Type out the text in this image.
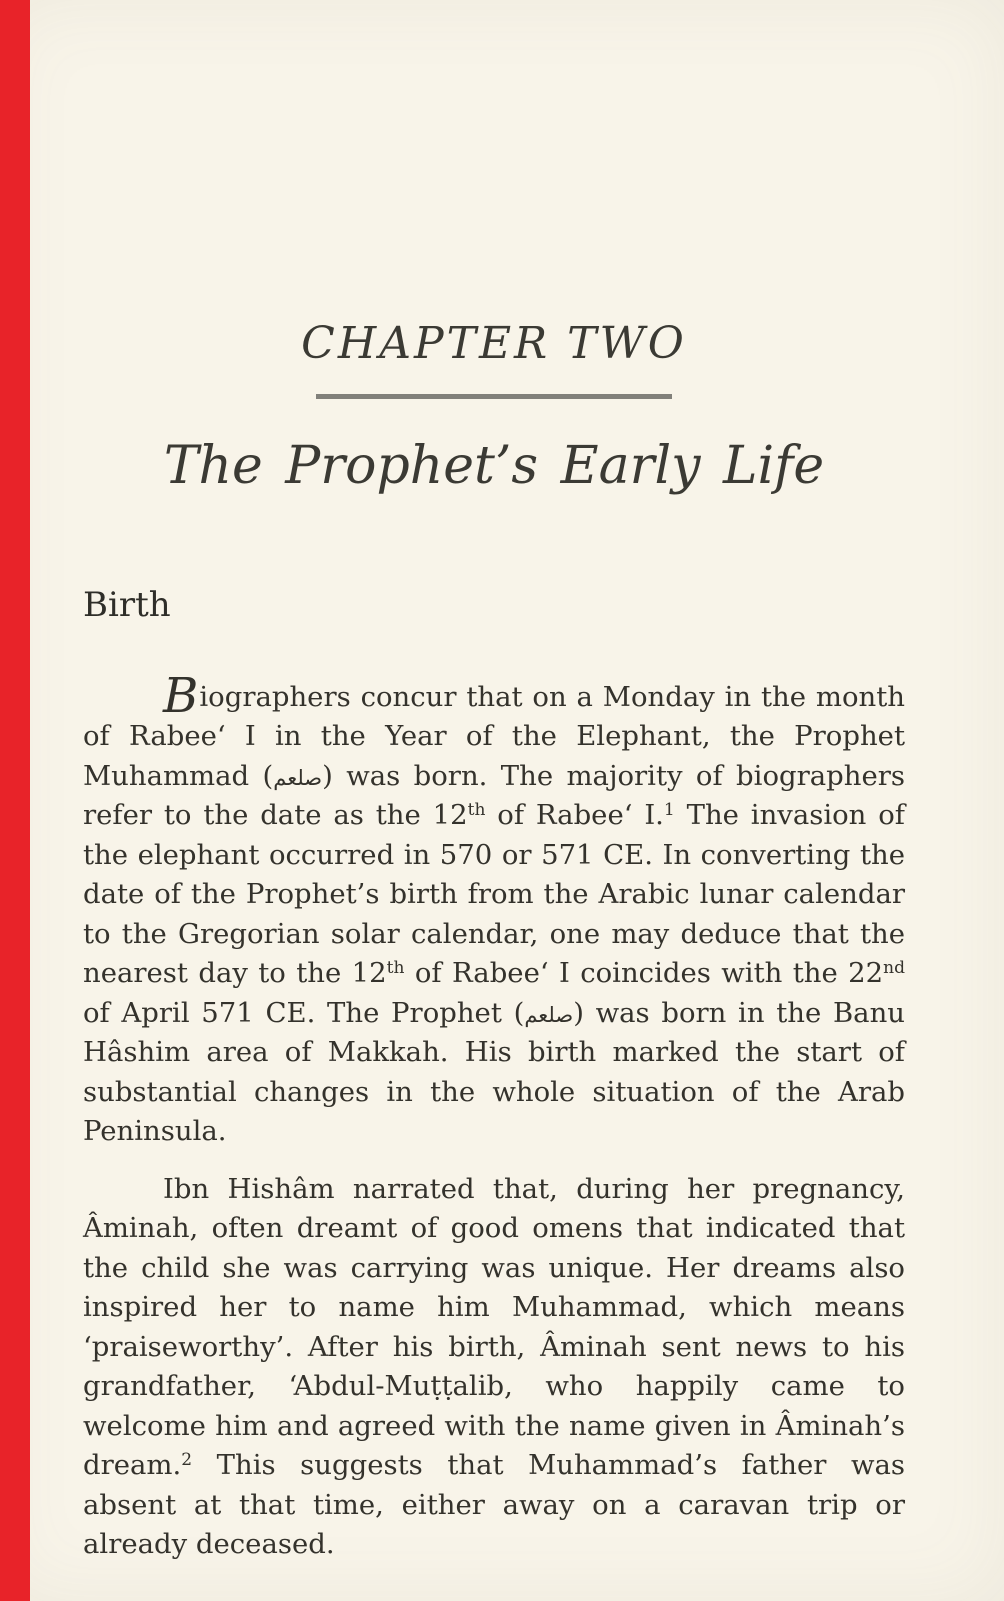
CHAPTER TWO
The Prophet’s Early Life
Birth

Biographers concur that on a Monday in the month of Rabee‘ I in the Year of the Elephant, the Prophet Muhammad (صلعم) was born. The majority of biographers refer to the date as the 12th of Rabee‘ I.$^1$ The invasion of the elephant occurred in 570 or 571 CE. In converting the date of the Prophet’s birth from the Arabic lunar calendar to the Gregorian solar calendar, one may deduce that the nearest day to the 12th of Rabee‘ I coincides with the 22nd of April 571 CE. The Prophet (صلعم) was born in the Banu Hâshim area of Makkah. His birth marked the start of substantial changes in the whole situation of the Arab Peninsula.

Ibn Hishâm narrated that, during her pregnancy, Âminah, often dreamt of good omens that indicated that the child she was carrying was unique. Her dreams also inspired her to name him Muhammad, which means ‘praiseworthy’. After his birth, Âminah sent news to his grandfather, ‘Abdul-Muṭṭalib, who happily came to welcome him and agreed with the name given in Âminah’s dream.$^2$ This suggests that Muhammad’s father was absent at that time, either away on a caravan trip or already deceased.
